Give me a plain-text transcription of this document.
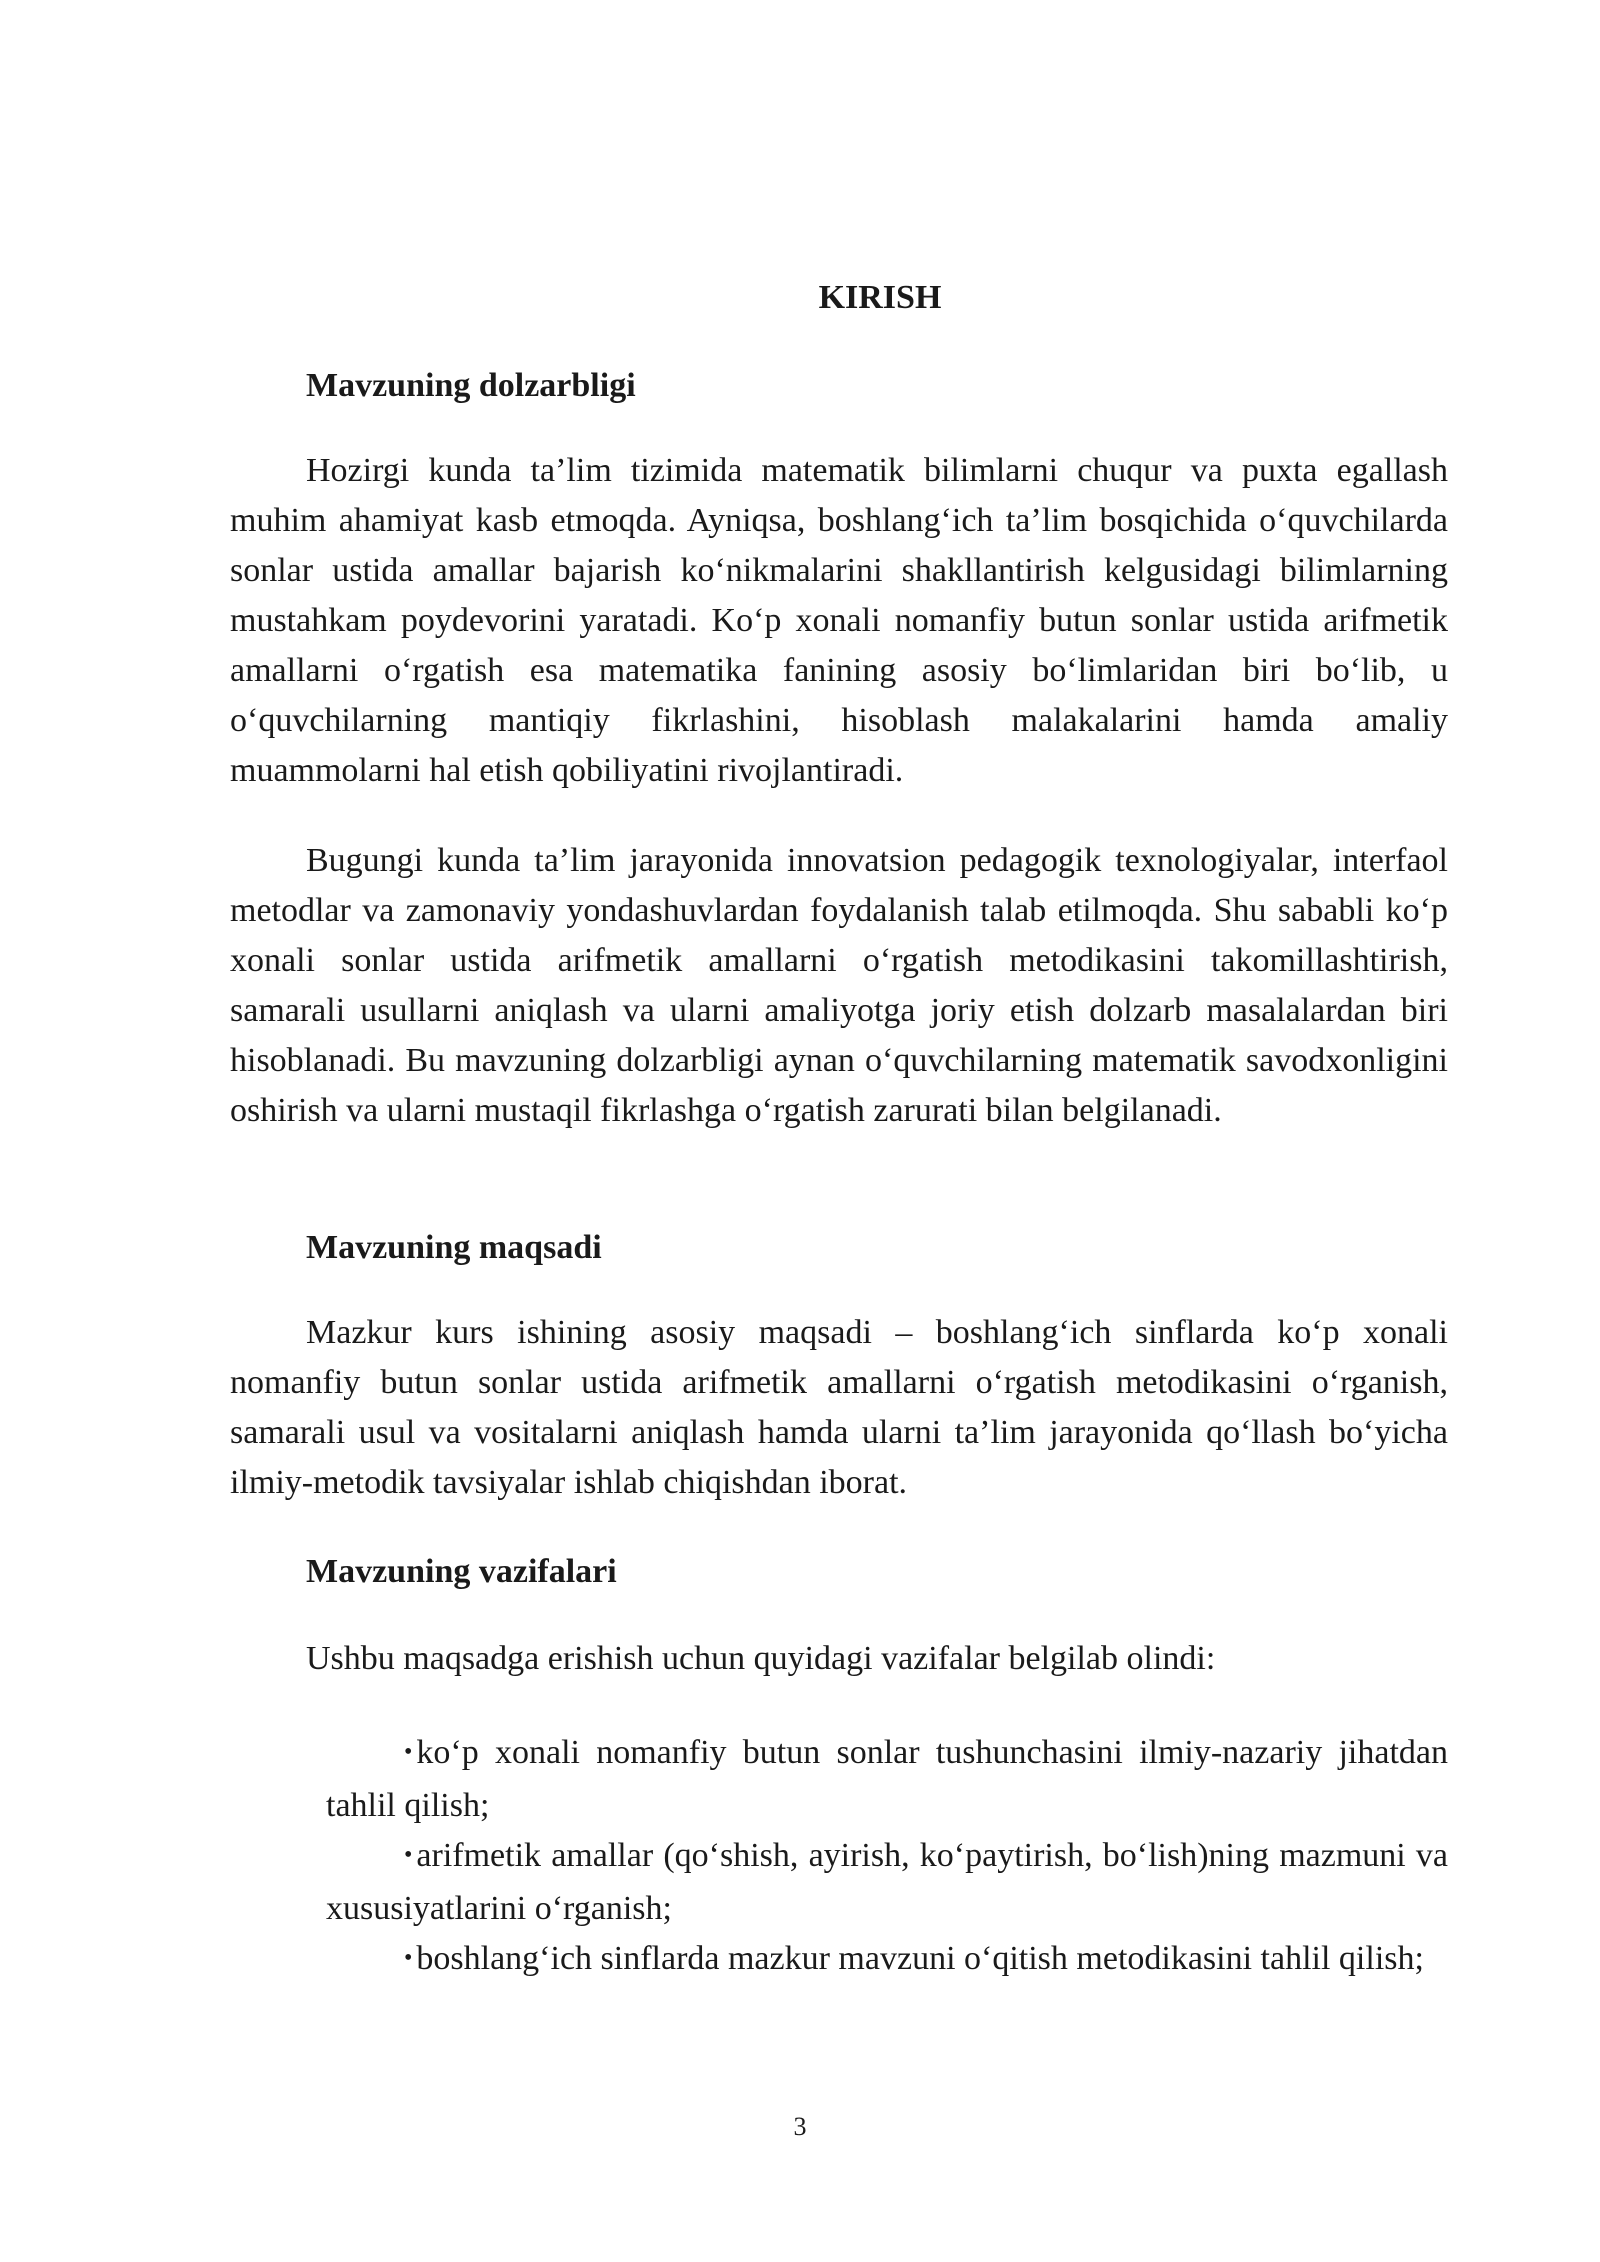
KIRISH
Mavzuning dolzarbligi

Hozirgi kunda ta’lim tizimida matematik bilimlarni chuqur va puxta egallash muhim ahamiyat kasb etmoqda. Ayniqsa, boshlang‘ich ta’lim bosqichida o‘quvchilarda sonlar ustida amallar bajarish ko‘nikmalarini shakllantirish kelgusidagi bilimlarning mustahkam poydevorini yaratadi. Ko‘p xonali nomanfiy butun sonlar ustida arifmetik amallarni o‘rgatish esa matematika fanining asosiy bo‘limlaridan biri bo‘lib, u o‘quvchilarning mantiqiy fikrlashini, hisoblash malakalarini hamda amaliy muammolarni hal etish qobiliyatini rivojlantiradi.

Bugungi kunda ta’lim jarayonida innovatsion pedagogik texnologiyalar, interfaol metodlar va zamonaviy yondashuvlardan foydalanish talab etilmoqda. Shu sababli ko‘p xonali sonlar ustida arifmetik amallarni o‘rgatish metodikasini takomillashtirish, samarali usullarni aniqlash va ularni amaliyotga joriy etish dolzarb masalalardan biri hisoblanadi. Bu mavzuning dolzarbligi aynan o‘quvchilarning matematik savodxonligini oshirish va ularni mustaqil fikrlashga o‘rgatish zarurati bilan belgilanadi.

Mavzuning maqsadi

Mazkur kurs ishining asosiy maqsadi – boshlang‘ich sinflarda ko‘p xonali nomanfiy butun sonlar ustida arifmetik amallarni o‘rgatish metodikasini o‘rganish, samarali usul va vositalarni aniqlash hamda ularni ta’lim jarayonida qo‘llash bo‘yicha ilmiy-metodik tavsiyalar ishlab chiqishdan iborat.

Mavzuning vazifalari

Ushbu maqsadga erishish uchun quyidagi vazifalar belgilab olindi:

• ko‘p xonali nomanfiy butun sonlar tushunchasini ilmiy-nazariy jihatdan tahlil qilish;
• arifmetik amallar (qo‘shish, ayirish, ko‘paytirish, bo‘lish)ning mazmuni va xususiyatlarini o‘rganish;
• boshlang‘ich sinflarda mazkur mavzuni o‘qitish metodikasini tahlil qilish;

3
